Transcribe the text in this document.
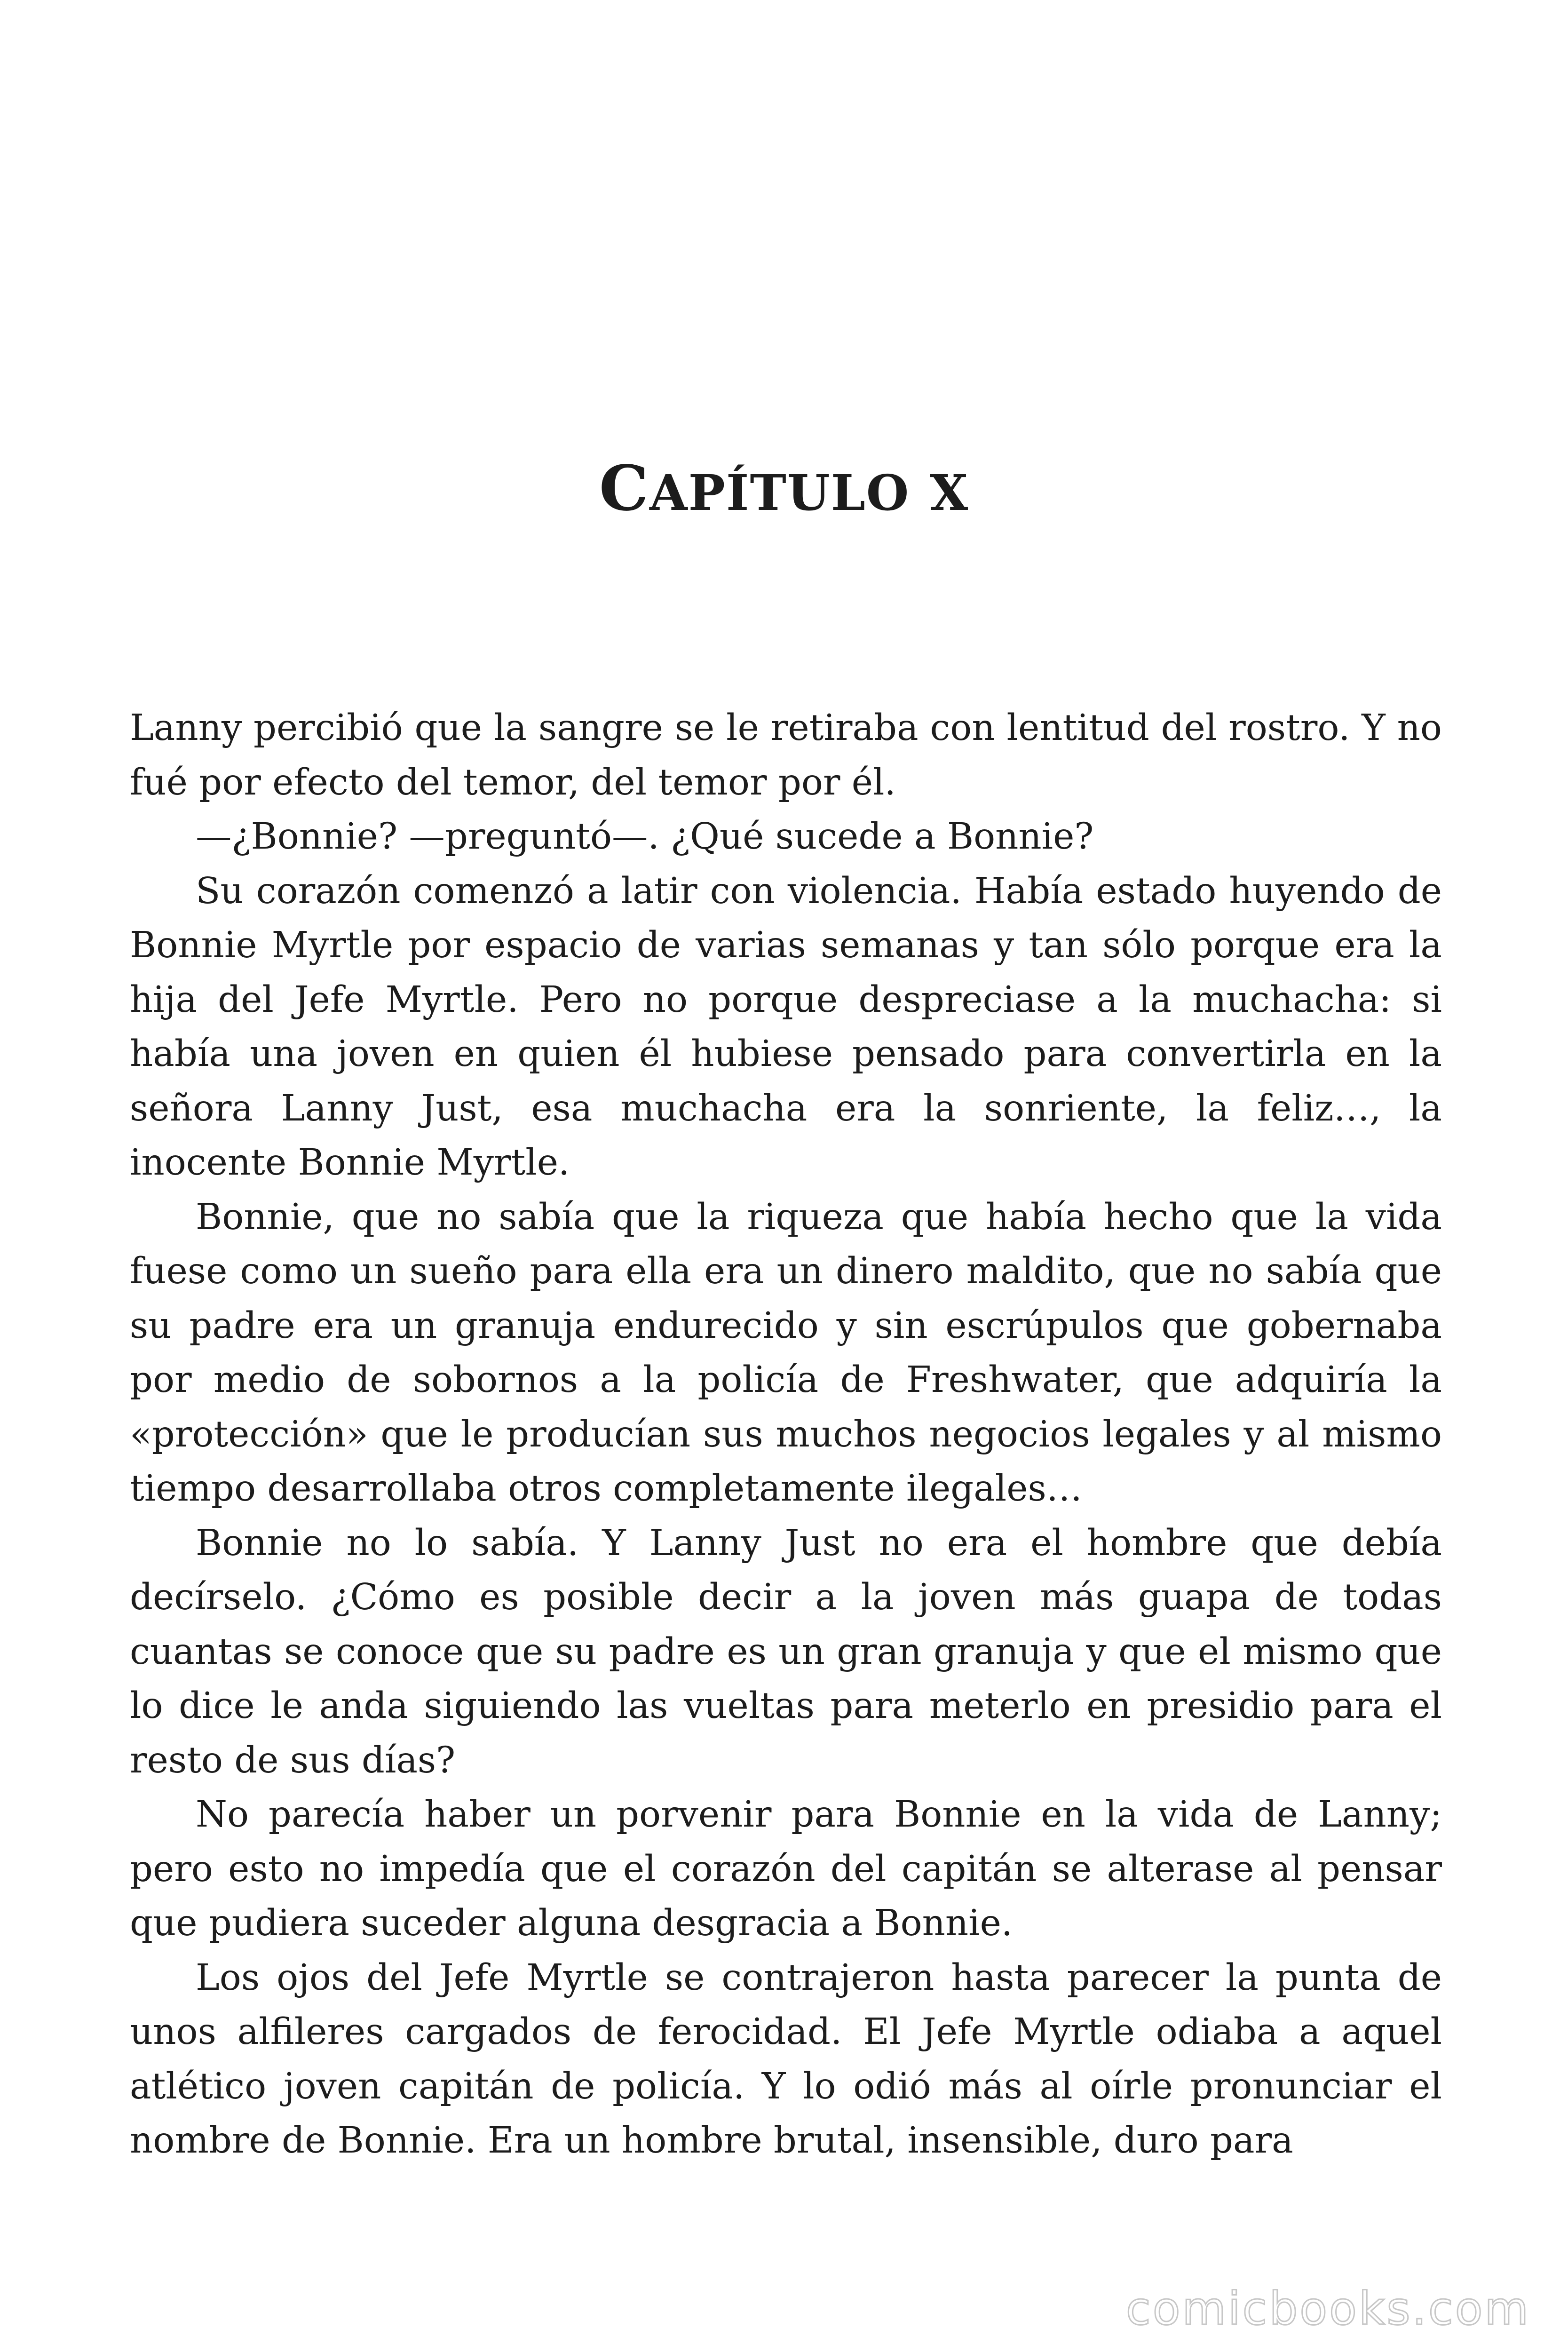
CAPÍTULO X

Lanny percibió que la sangre se le retiraba con lentitud del rostro. Y no fué por efecto del temor, del temor por él.

—¿Bonnie? —preguntó—. ¿Qué sucede a Bonnie?

Su corazón comenzó a latir con violencia. Había estado huyendo de Bonnie Myrtle por espacio de varias semanas y tan sólo porque era la hija del Jefe Myrtle. Pero no porque despreciase a la muchacha: si había una joven en quien él hubiese pensado para convertirla en la señora Lanny Just, esa muchacha era la sonriente, la feliz…, la inocente Bonnie Myrtle.

Bonnie, que no sabía que la riqueza que había hecho que la vida fuese como un sueño para ella era un dinero maldito, que no sabía que su padre era un granuja endurecido y sin escrúpulos que gobernaba por medio de sobornos a la policía de Freshwater, que adquiría la «protección» que le producían sus muchos negocios legales y al mismo tiempo desarrollaba otros completamente ilegales…

Bonnie no lo sabía. Y Lanny Just no era el hombre que debía decírselo. ¿Cómo es posible decir a la joven más guapa de todas cuantas se conoce que su padre es un gran granuja y que el mismo que lo dice le anda siguiendo las vueltas para meterlo en presidio para el resto de sus días?

No parecía haber un porvenir para Bonnie en la vida de Lanny; pero esto no impedía que el corazón del capitán se alterase al pensar que pudiera suceder alguna desgracia a Bonnie.

Los ojos del Jefe Myrtle se contrajeron hasta parecer la punta de unos alfileres cargados de ferocidad. El Jefe Myrtle odiaba a aquel atlético joven capitán de policía. Y lo odió más al oírle pronunciar el nombre de Bonnie. Era un hombre brutal, insensible, duro para

comicbooks.com
